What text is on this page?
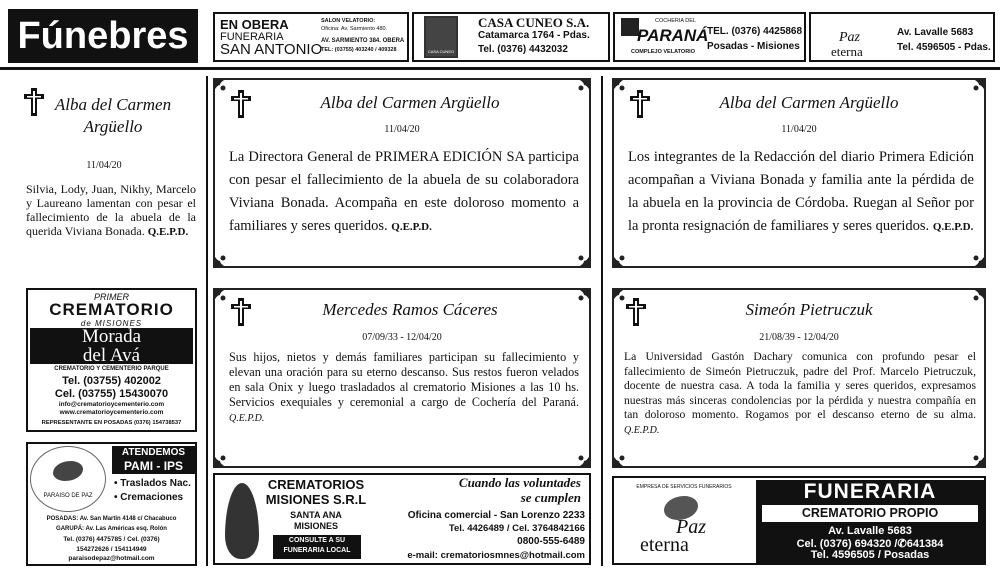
Fúnebres	EN OBERA
FUNERARIA
SAN ANTONIO
SALON VELATORIO:
Oficina: Av. Sarmiento 480.
AV. SARMIENTO 384. OBERA
TEL: (03755) 403240 / 409328	CASA CUNEO
CASA CUNEO S.A.
Catamarca 1764 - Pdas.
Tel. (0376) 4432032
COCHERIA DEL
PARANÁ
COMPLEJO VELATORIO
TEL. (0376) 4425868
Posadas - Misiones
Paz
eterna
Av. Lavalle 5683
Tel. 4596505 - Pdas.
Alba del Carmen Argüello
11/04/20
Silvia, Lody, Juan, Nikhy, Marcelo y Laureano lamentan con pesar el fallecimiento de la abuela de la querida Viviana Bonada. Q.E.P.D.
Alba del Carmen Argüello
11/04/20
La Directora General de PRIMERA EDICIÓN SA participa con pesar el fallecimiento de la abuela de su colaboradora Viviana Bonada. Acompaña en este doloroso momento a familiares y seres queridos. Q.E.P.D.
Alba del Carmen Argüello
11/04/20
Los integrantes de la Redacción del diario Primera Edición acompañan a Viviana Bonada y familia ante la pérdida de la abuela en la provincia de Córdoba. Ruegan al Señor por la pronta resignación de familiares y seres queridos. Q.E.P.D.
Mercedes Ramos Cáceres
07/09/33 - 12/04/20
Sus hijos, nietos y demás familiares participan su fallecimiento y elevan una oración para su eterno descanso. Sus restos fueron velados en sala Onix y luego trasladados al crematorio Misiones a las 10 hs. Servicios exequiales y ceremonial a cargo de Cochería del Paraná. Q.E.P.D.
Simeón Pietruczuk
21/08/39 - 12/04/20
La Universidad Gastón Dachary comunica con profundo pesar el fallecimiento de Simeón Pietruczuk, padre del Prof. Marcelo Pietruczuk, docente de nuestra casa. A toda la familia y seres queridos, expresamos nuestras más sinceras condolencias por la pérdida y nuestra compañía en tan doloroso momento. Rogamos por el descanso eterno de su alma. Q.E.P.D.
PRIMER
CREMATORIO
de MISIONES
Morada
del Avá
CREMATORIO Y CEMENTERIO PARQUE
Tel. (03755) 402002
Cel. (03755) 15430070
info@crematorioycementerio.com
www.crematorioycementerio.com
REPRESENTANTE EN POSADAS (0376) 154738537
PARAISO DE PAZ
ATENDEMOS
PAMI - IPS
• Traslados Nac.
• Cremaciones
POSADAS: Av. San Martin 4148 c/ Chacabuco
GARUPÁ: Av. Las Américas esq. Rolón
Tel. (0376) 4475785 / Cel. (0376)
154272626 / 154114949
paraisodepaz@hotmail.com
CREMATORIOS
MISIONES S.R.L
SANTA ANA
MISIONES
CONSULTE A SU
FUNERARIA LOCAL
Cuando las voluntades
se cumplen
Oficina comercial - San Lorenzo 2233
Tel. 4426489 / Cel. 3764842166
0800-555-6489
e-mail: crematoriosmnes@hotmail.com
EMPRESA DE SERVICIOS FUNERARIOS
Paz
eterna
FUNERARIA
CREMATORIO PROPIO
Av. Lavalle 5683
Cel. (0376) 694320 /✆641384
Tel. 4596505 / Posadas
